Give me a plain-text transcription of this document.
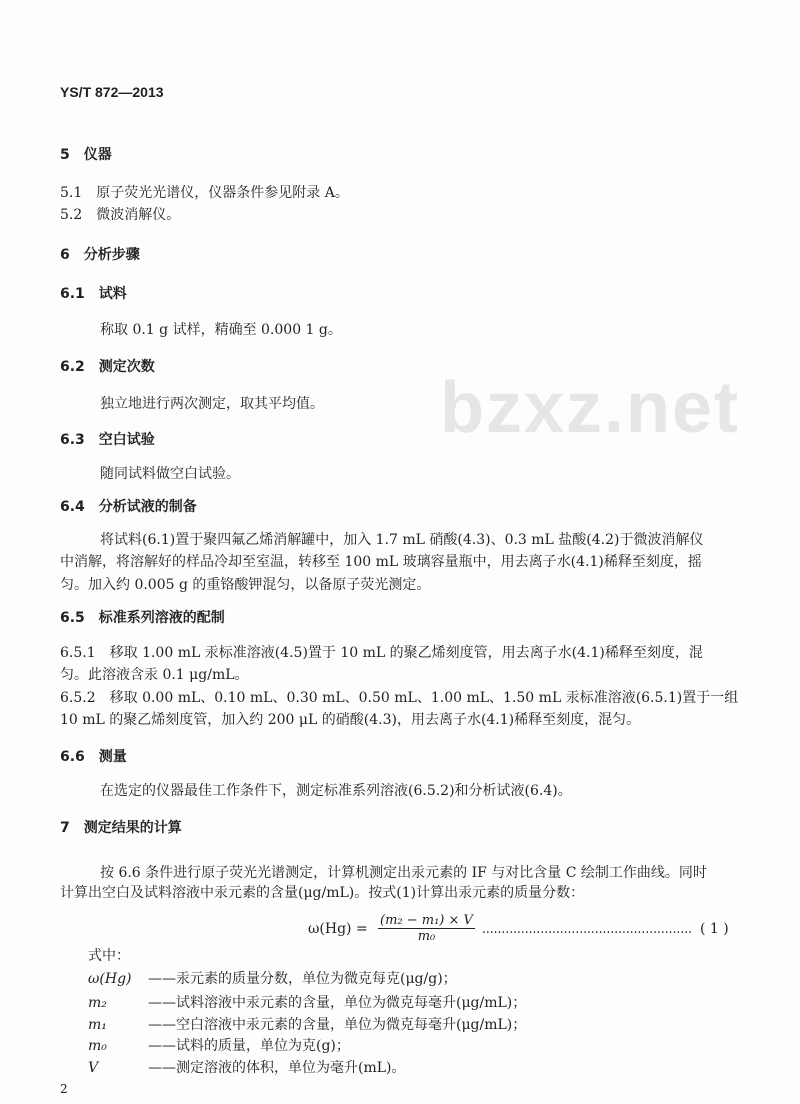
bzxz.net
YS/T 872—2013
5　仪器
5.1　原子荧光光谱仪，仪器条件参见附录 A。
5.2　微波消解仪。
6　分析步骤
6.1　试料
称取 0.1 g 试样，精确至 0.000 1 g。
6.2　测定次数
独立地进行两次测定，取其平均值。
6.3　空白试验
随同试料做空白试验。
6.4　分析试液的制备
将试料(6.1)置于聚四氟乙烯消解罐中，加入 1.7 mL 硝酸(4.3)、0.3 mL 盐酸(4.2)于微波消解仪
中消解，将溶解好的样品冷却至室温，转移至 100 mL 玻璃容量瓶中，用去离子水(4.1)稀释至刻度，摇
匀。加入约 0.005 g 的重铬酸钾混匀，以备原子荧光测定。
6.5　标准系列溶液的配制
6.5.1　移取 1.00 mL 汞标准溶液(4.5)置于 10 mL 的聚乙烯刻度管，用去离子水(4.1)稀释至刻度，混
匀。此溶液含汞 0.1 μg/mL。
6.5.2　移取 0.00 mL、0.10 mL、0.30 mL、0.50 mL、1.00 mL、1.50 mL 汞标准溶液(6.5.1)置于一组
10 mL 的聚乙烯刻度管，加入约 200 μL 的硝酸(4.3)，用去离子水(4.1)稀释至刻度，混匀。
6.6　测量
在选定的仪器最佳工作条件下，测定标准系列溶液(6.5.2)和分析试液(6.4)。
7　测定结果的计算
按 6.6 条件进行原子荧光光谱测定，计算机测定出汞元素的 IF 与对比含量 C 绘制工作曲线。同时
计算出空白及试料溶液中汞元素的含量(μg/mL)。按式(1)计算出汞元素的质量分数：
$\omega(Hg) = \frac{\text{(m₂ − m₁) × V}}{\text{m₀}}$ ……………………………………………… ( 1 )
式中：
ω(Hg) ——汞元素的质量分数，单位为微克每克(μg/g)；
m₂	——试料溶液中汞元素的含量，单位为微克每毫升(μg/mL)；
m₁	——空白溶液中汞元素的含量，单位为微克每毫升(μg/mL)；
m₀	——试料的质量，单位为克(g)；
V	——测定溶液的体积，单位为毫升(mL)。
2
